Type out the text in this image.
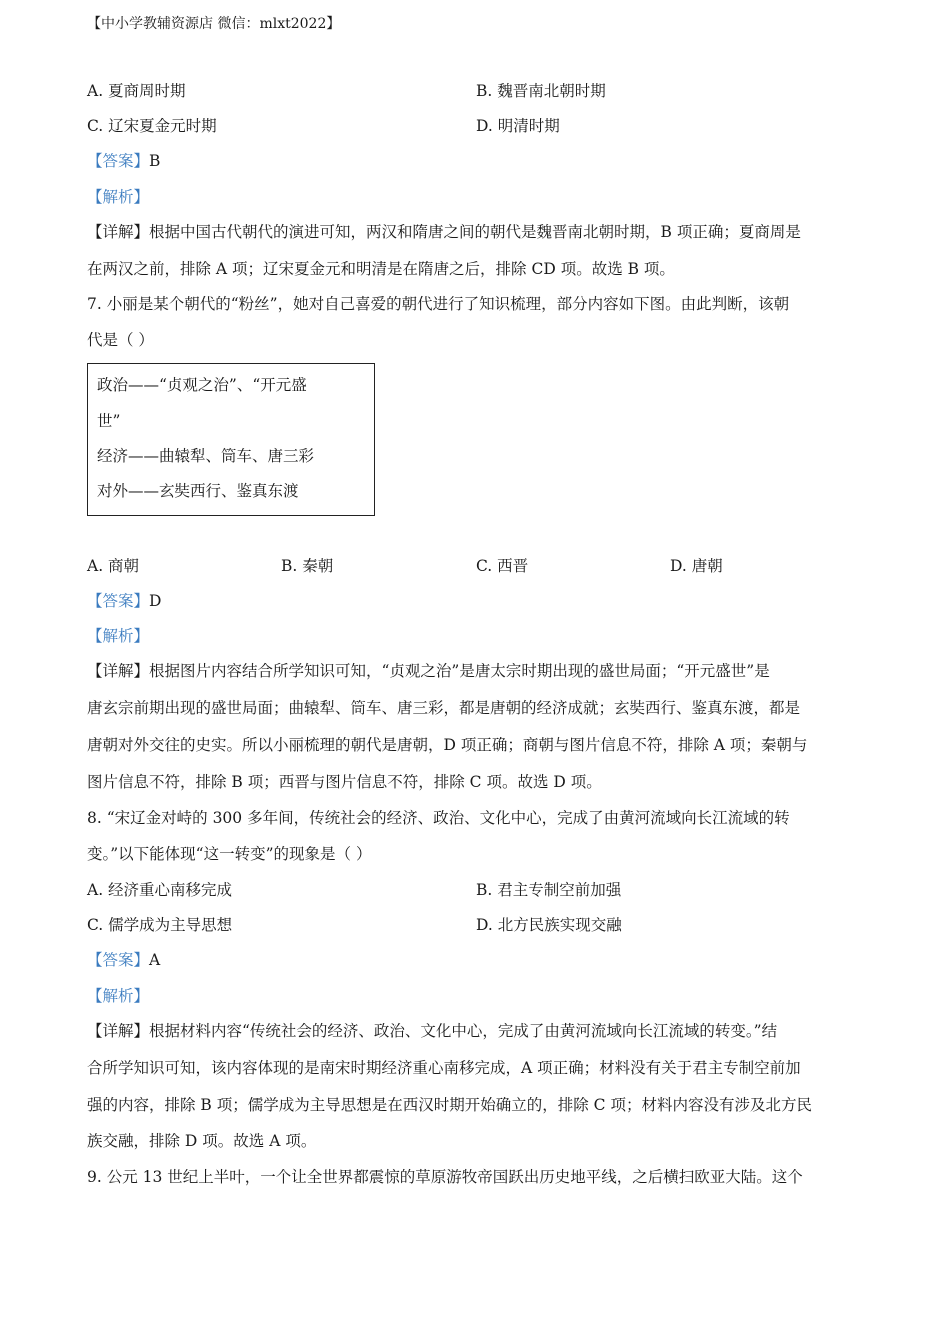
【中小学教辅资源店 微信：mlxt2022】
A. 夏商周时期	B. 魏晋南北朝时期
C. 辽宋夏金元时期	D. 明清时期
【答案】B
【解析】
【详解】根据中国古代朝代的演进可知，两汉和隋唐之间的朝代是魏晋南北朝时期，B 项正确；夏商周是
在两汉之前，排除 A 项；辽宋夏金元和明清是在隋唐之后，排除 CD 项。故选 B 项。
7. 小丽是某个朝代的“粉丝”，她对自己喜爱的朝代进行了知识梳理，部分内容如下图。由此判断，该朝
代是（ ）
政治——“贞观之治”、“开元盛
世”
经济——曲辕犁、筒车、唐三彩
对外——玄奘西行、鉴真东渡
A. 商朝	B. 秦朝	C. 西晋	D. 唐朝
【答案】D
【解析】
【详解】根据图片内容结合所学知识可知，“贞观之治”是唐太宗时期出现的盛世局面；“开元盛世”是
唐玄宗前期出现的盛世局面；曲辕犁、筒车、唐三彩，都是唐朝的经济成就；玄奘西行、鉴真东渡，都是
唐朝对外交往的史实。所以小丽梳理的朝代是唐朝，D 项正确；商朝与图片信息不符，排除 A 项；秦朝与
图片信息不符，排除 B 项；西晋与图片信息不符，排除 C 项。故选 D 项。
8. “宋辽金对峙的 300 多年间，传统社会的经济、政治、文化中心，完成了由黄河流域向长江流域的转
变。”以下能体现“这一转变”的现象是（ ）
A. 经济重心南移完成	B. 君主专制空前加强
C. 儒学成为主导思想	D. 北方民族实现交融
【答案】A
【解析】
【详解】根据材料内容“传统社会的经济、政治、文化中心，完成了由黄河流域向长江流域的转变。”结
合所学知识可知，该内容体现的是南宋时期经济重心南移完成，A 项正确；材料没有关于君主专制空前加
强的内容，排除 B 项；儒学成为主导思想是在西汉时期开始确立的，排除 C 项；材料内容没有涉及北方民
族交融，排除 D 项。故选 A 项。
9. 公元 13 世纪上半叶，一个让全世界都震惊的草原游牧帝国跃出历史地平线，之后横扫欧亚大陆。这个
